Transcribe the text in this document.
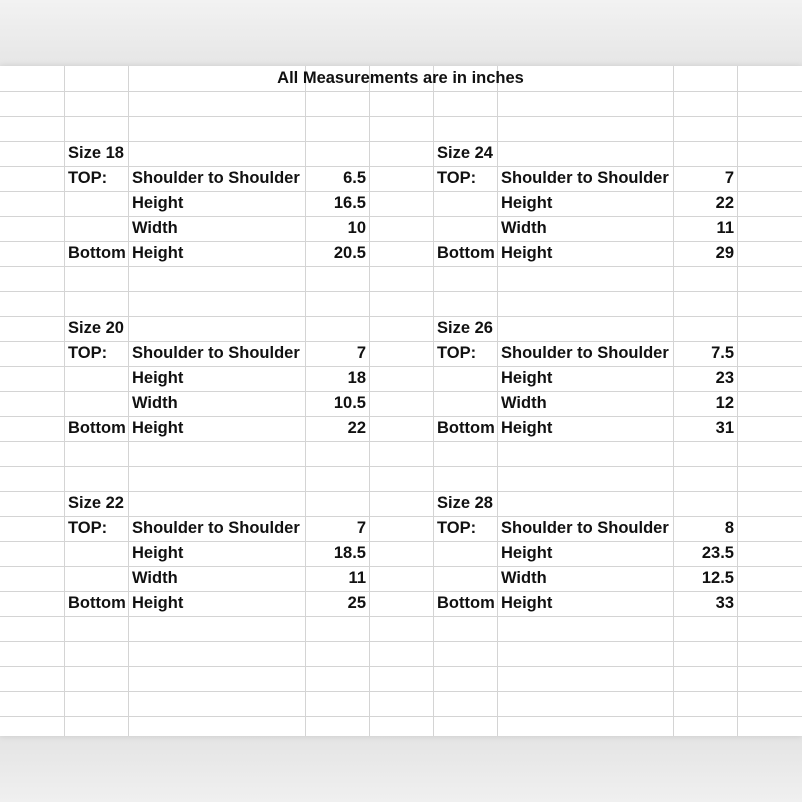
All Measurements are in inches
Size 18
TOP: Shoulder to Shoulder	6.5
Height	16.5
Width	10
Bottom Height	20.5
Size 20
TOP: Shoulder to Shoulder	7
Height	18
Width	10.5
Bottom Height	22
Size 22
TOP: Shoulder to Shoulder	7
Height	18.5
Width	11
Bottom Height	25
Size 24
TOP: Shoulder to Shoulder	7
Height	22
Width	11
Bottom Height	29
Size 26
TOP: Shoulder to Shoulder	7.5
Height	23
Width	12
Bottom Height	31
Size 28
TOP: Shoulder to Shoulder	8
Height	23.5
Width	12.5
Bottom Height	33
